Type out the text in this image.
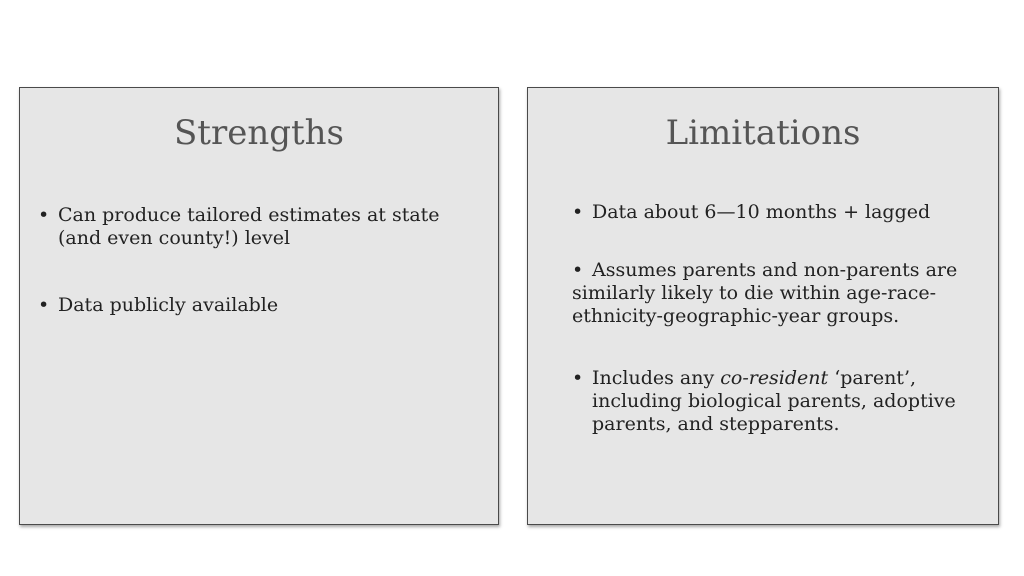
Strengths
• Can produce tailored estimates at state (and even county!) level
• Data publicly available
Limitations
• Data about 6—10 months + lagged
• Assumes parents and non-parents are
similarly likely to die within age-race-ethnicity-geographic-year groups.
• Includes any co-resident ‘parent’, including biological parents, adoptive parents, and stepparents.
